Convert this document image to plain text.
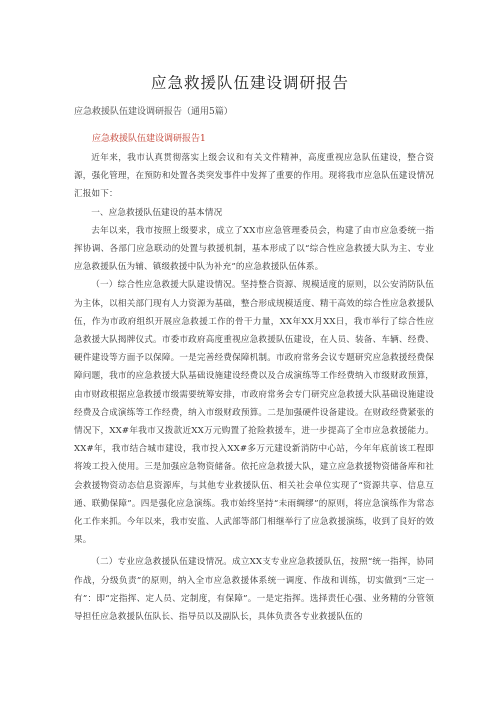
应急救援队伍建设调研报告
应急救援队伍建设调研报告（通用5篇）
应急救援队伍建设调研报告1

近年来，我市认真贯彻落实上级会议和有关文件精神，高度重视应急队伍建设，整合资源，强化管理，在预防和处置各类突发事件中发挥了重要的作用。现将我市应急队伍建设情况汇报如下：

一、应急救援队伍建设的基本情况

去年以来，我市按照上级要求，成立了XX市应急管理委员会，构建了由市应急委统一指挥协调、各部门应急联动的处置与救援机制，基本形成了以“综合性应急救援大队为主、专业应急救援队伍为辅、镇级救援中队为补充”的应急救援队伍体系。

（一）综合性应急救援大队建设情况。坚持整合资源、规模适度的原则，以公安消防队伍为主体，以相关部门现有人力资源为基础，整合形成规模适度、精干高效的综合性应急救援队伍，作为市政府组织开展应急救援工作的骨干力量，XX年XX月XX日，我市举行了综合性应急救援大队揭牌仪式。市委市政府高度重视应急救援队伍建设，在人员、装备、车辆、经费、硬件建设等方面予以保障。一是完善经费保障机制。市政府常务会议专题研究应急救援经费保障问题，我市的应急救援大队基础设施建设经费以及合成演练等工作经费纳入市级财政预算，由市财政根据应急救援市级需要统筹安排，市政府常务会专门研究应急救援大队基础设施建设经费及合成演练等工作经费，纳入市级财政预算。二是加强硬件设备建设。在财政经费紧张的情况下，XX#年我市又拨款近XX万元购置了抢险救援车，进一步提高了全市应急救援能力。XX#年，我市结合城市建设，我市投入XX#多万元建设新消防中心站，今年年底前该工程即将竣工投入使用。三是加强应急物资储备。依托应急救援大队，建立应急救援物资储备库和社会救援物资动态信息资源库，与其他专业救援队伍、相关社会单位实现了“资源共享、信息互通、联勤保障”。四是强化应急演练。我市始终坚持“未雨绸缪”的原则，将应急演练作为常态化工作来抓。今年以来，我市安监、人武部等部门相继举行了应急救援演练，收到了良好的效果。

（二）专业应急救援队伍建设情况。成立XX支专业应急救援队伍，按照“统一指挥，协同作战，分级负责”的原则，纳入全市应急救援体系统一调度、作战和训练，切实做到“三定一有”：即“定指挥、定人员、定制度，有保障”。一是定指挥。选择责任心强、业务精的分管领导担任应急救援队伍队长、指导员以及副队长，具体负责各专业救援队伍的
